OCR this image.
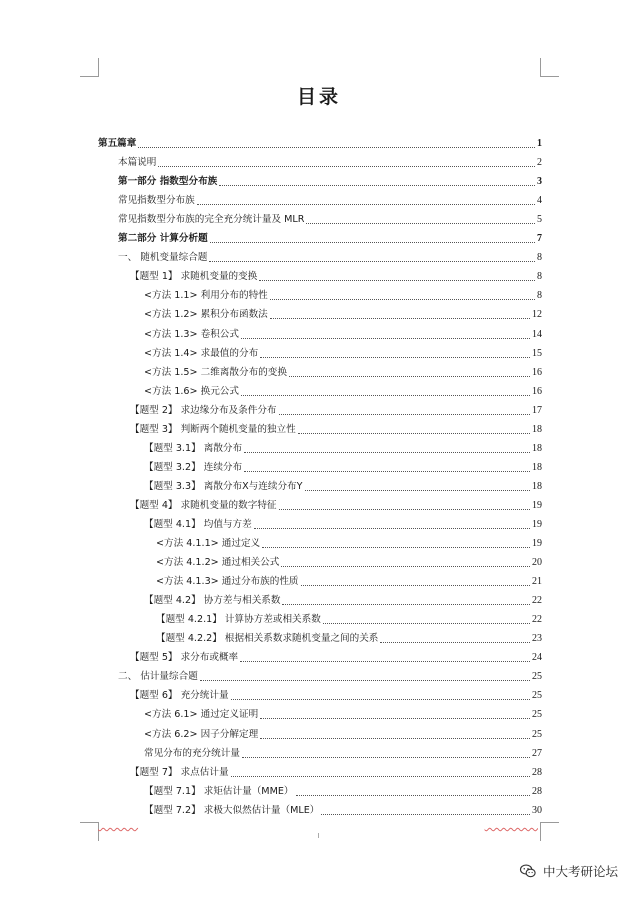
目录
第五篇章	1
本篇说明	2
第一部分 指数型分布族	3
常见指数型分布族	4
常见指数型分布族的完全充分统计量及 MLR	5
第二部分 计算分析题	7
一、 随机变量综合题	8
【题型 1】 求随机变量的变换	8
<方法 1.1> 利用分布的特性	8
<方法 1.2> 累积分布函数法	12
<方法 1.3> 卷积公式	14
<方法 1.4> 求最值的分布	15
<方法 1.5> 二维离散分布的变换	16
<方法 1.6> 换元公式	16
【题型 2】 求边缘分布及条件分布	17
【题型 3】 判断两个随机变量的独立性	18
【题型 3.1】 离散分布	18
【题型 3.2】 连续分布	18
【题型 3.3】 离散分布X与连续分布Y	18
【题型 4】 求随机变量的数字特征	19
【题型 4.1】 均值与方差	19
<方法 4.1.1> 通过定义	19
<方法 4.1.2> 通过相关公式	20
<方法 4.1.3> 通过分布族的性质	21
【题型 4.2】 协方差与相关系数	22
【题型 4.2.1】 计算协方差或相关系数	22
【题型 4.2.2】 根据相关系数求随机变量之间的关系	23
【题型 5】 求分布或概率	24
二、 估计量综合题	25
【题型 6】 充分统计量	25
<方法 6.1> 通过定义证明	25
<方法 6.2> 因子分解定理	25
常见分布的充分统计量	27
【题型 7】 求点估计量	28
【题型 7.1】 求矩估计量（MME）	28
【题型 7.2】 求极大似然估计量（MLE）	30

中大考研论坛
